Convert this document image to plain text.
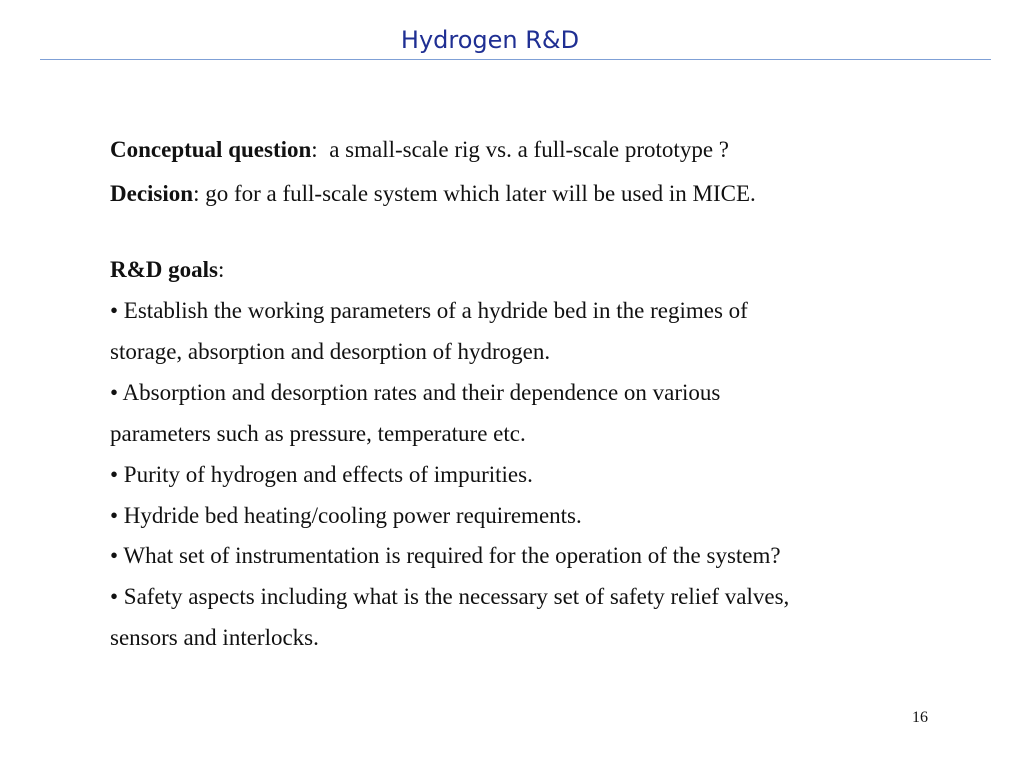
Hydrogen R&D
Conceptual question:  a small-scale rig vs. a full-scale prototype ?
Decision: go for a full-scale system which later will be used in MICE.
R&D goals:
• Establish the working parameters of a hydride bed in the regimes of
storage, absorption and desorption of hydrogen.
• Absorption and desorption rates and their dependence on various
parameters such as pressure, temperature etc.
• Purity of hydrogen and effects of impurities.
• Hydride bed heating/cooling power requirements.
• What set of instrumentation is required for the operation of the system?
• Safety aspects including what is the necessary set of safety relief valves,
sensors and interlocks.
16
